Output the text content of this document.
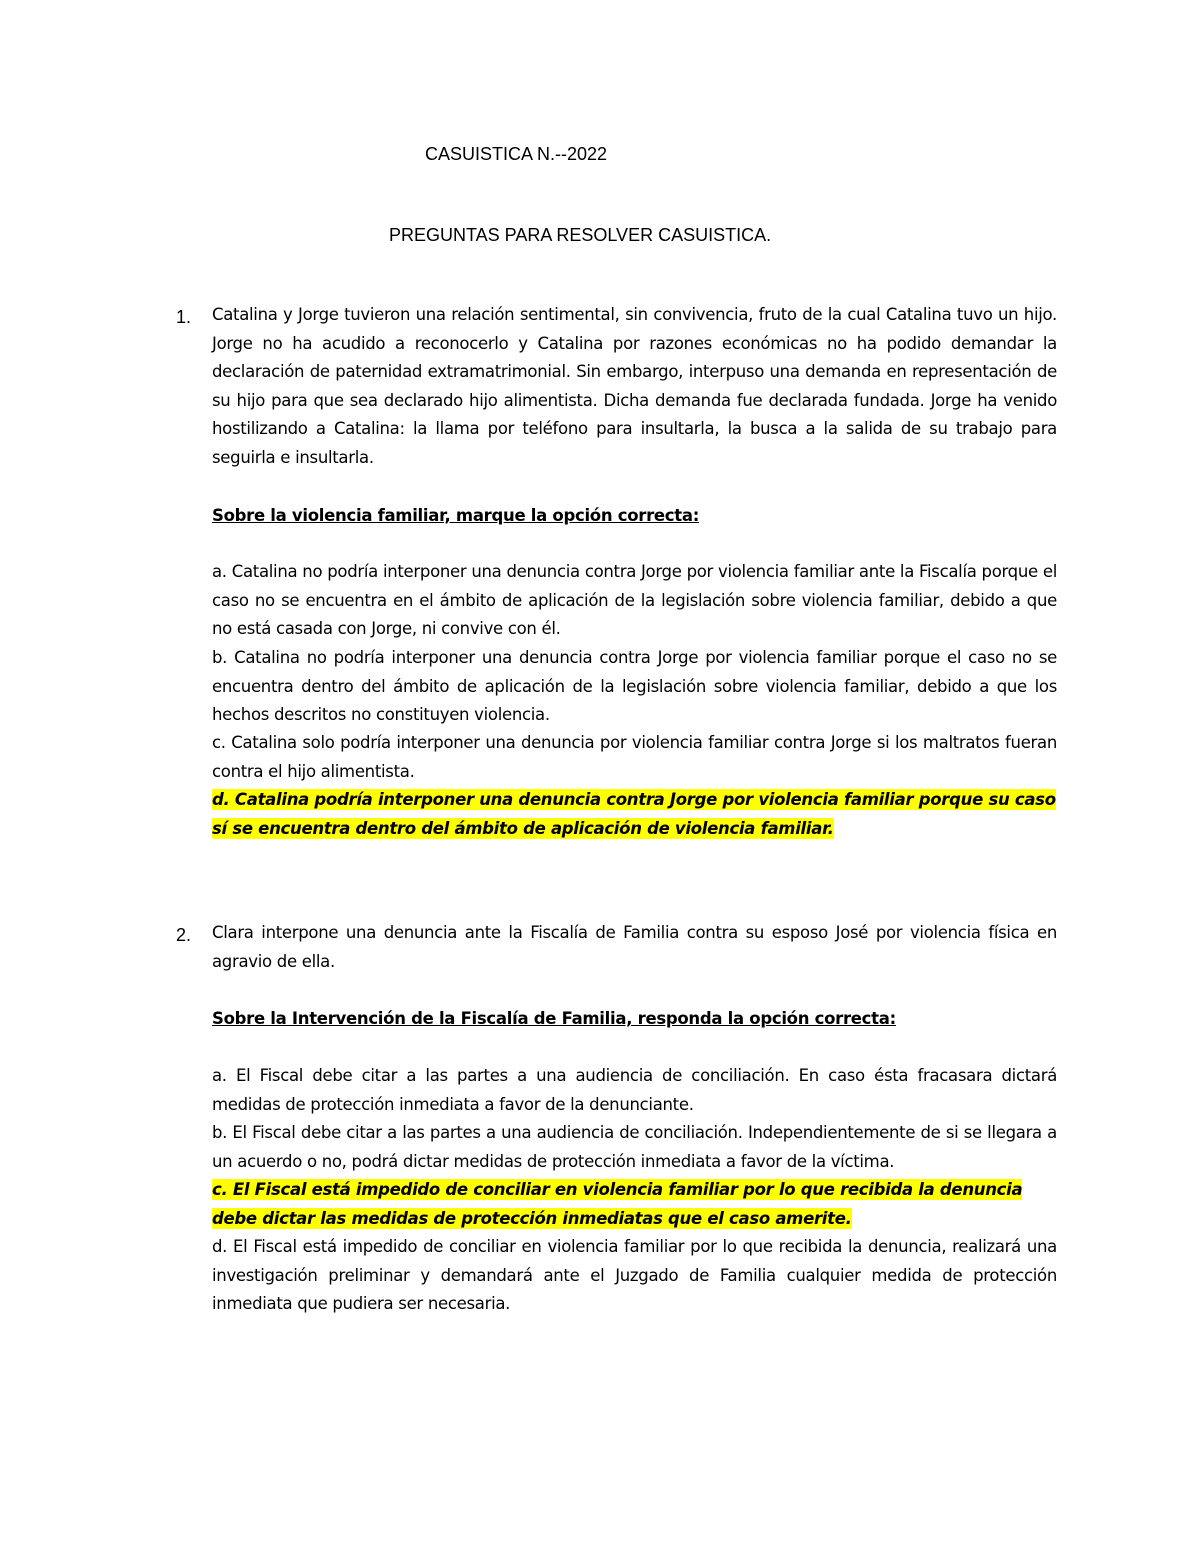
CASUISTICA N.--2022
PREGUNTAS PARA RESOLVER CASUISTICA.
1. Catalina y Jorge tuvieron una relación sentimental, sin convivencia, fruto de la cual Catalina tuvo un hijo. Jorge no ha acudido a reconocerlo y Catalina por razones económicas no ha podido demandar la declaración de paternidad extramatrimonial. Sin embargo, interpuso una demanda en representación de su hijo para que sea declarado hijo alimentista. Dicha demanda fue declarada fundada. Jorge ha venido hostilizando a Catalina: la llama por teléfono para insultarla, la busca a la salida de su trabajo para seguirla e insultarla.

Sobre la violencia familiar, marque la opción correcta:

a. Catalina no podría interponer una denuncia contra Jorge por violencia familiar ante la Fiscalía porque el caso no se encuentra en el ámbito de aplicación de la legislación sobre violencia familiar, debido a que no está casada con Jorge, ni convive con él.

b. Catalina no podría interponer una denuncia contra Jorge por violencia familiar porque el caso no se encuentra dentro del ámbito de aplicación de la legislación sobre violencia familiar, debido a que los hechos descritos no constituyen violencia.

c. Catalina solo podría interponer una denuncia por violencia familiar contra Jorge si los maltratos fueran contra el hijo alimentista.

d. Catalina podría interponer una denuncia contra Jorge por violencia familiar porque su caso sí se encuentra dentro del ámbito de aplicación de violencia familiar.
2. Clara interpone una denuncia ante la Fiscalía de Familia contra su esposo José por violencia física en agravio de ella.

Sobre la Intervención de la Fiscalía de Familia, responda la opción correcta:

a. El Fiscal debe citar a las partes a una audiencia de conciliación. En caso ésta fracasara dictará medidas de protección inmediata a favor de la denunciante.

b. El Fiscal debe citar a las partes a una audiencia de conciliación. Independientemente de si se llegara a un acuerdo o no, podrá dictar medidas de protección inmediata a favor de la víctima.

c. El Fiscal está impedido de conciliar en violencia familiar por lo que recibida la denuncia debe dictar las medidas de protección inmediatas que el caso amerite.

d. El Fiscal está impedido de conciliar en violencia familiar por lo que recibida la denuncia, realizará una investigación preliminar y demandará ante el Juzgado de Familia cualquier medida de protección inmediata que pudiera ser necesaria.
